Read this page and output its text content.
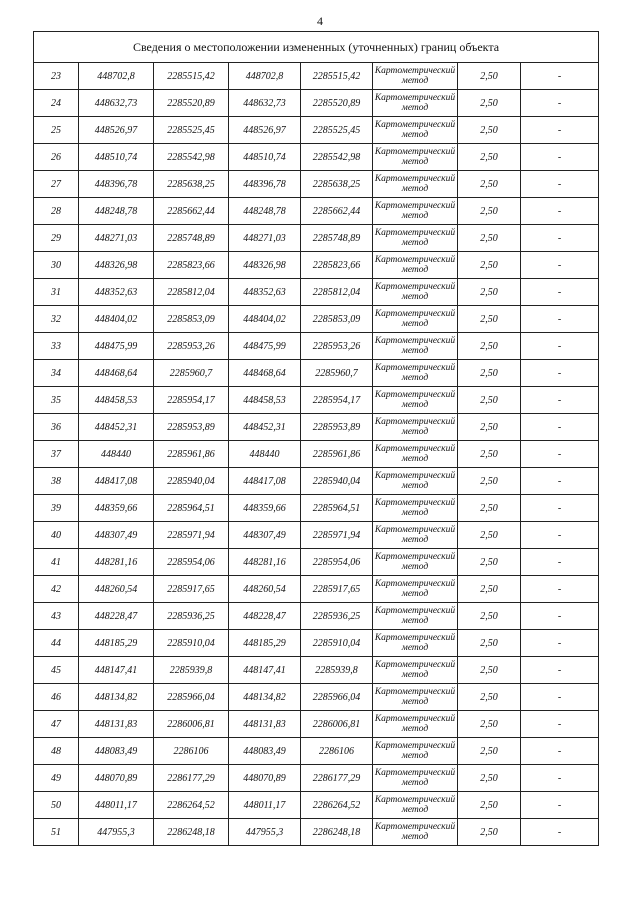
4
Сведения о местоположении измененных (уточненных) границ объекта							
23	448702,8	2285515,42	448702,8	2285515,42	Картометрический метод	2,50	-
24	448632,73	2285520,89	448632,73	2285520,89	Картометрический метод	2,50	-
25	448526,97	2285525,45	448526,97	2285525,45	Картометрический метод	2,50	-
26	448510,74	2285542,98	448510,74	2285542,98	Картометрический метод	2,50	-
27	448396,78	2285638,25	448396,78	2285638,25	Картометрический метод	2,50	-
28	448248,78	2285662,44	448248,78	2285662,44	Картометрический метод	2,50	-
29	448271,03	2285748,89	448271,03	2285748,89	Картометрический метод	2,50	-
30	448326,98	2285823,66	448326,98	2285823,66	Картометрический метод	2,50	-
31	448352,63	2285812,04	448352,63	2285812,04	Картометрический метод	2,50	-
32	448404,02	2285853,09	448404,02	2285853,09	Картометрический метод	2,50	-
33	448475,99	2285953,26	448475,99	2285953,26	Картометрический метод	2,50	-
34	448468,64	2285960,7	448468,64	2285960,7	Картометрический метод	2,50	-
35	448458,53	2285954,17	448458,53	2285954,17	Картометрический метод	2,50	-
36	448452,31	2285953,89	448452,31	2285953,89	Картометрический метод	2,50	-
37	448440	2285961,86	448440	2285961,86	Картометрический метод	2,50	-
38	448417,08	2285940,04	448417,08	2285940,04	Картометрический метод	2,50	-
39	448359,66	2285964,51	448359,66	2285964,51	Картометрический метод	2,50	-
40	448307,49	2285971,94	448307,49	2285971,94	Картометрический метод	2,50	-
41	448281,16	2285954,06	448281,16	2285954,06	Картометрический метод	2,50	-
42	448260,54	2285917,65	448260,54	2285917,65	Картометрический метод	2,50	-
43	448228,47	2285936,25	448228,47	2285936,25	Картометрический метод	2,50	-
44	448185,29	2285910,04	448185,29	2285910,04	Картометрический метод	2,50	-
45	448147,41	2285939,8	448147,41	2285939,8	Картометрический метод	2,50	-
46	448134,82	2285966,04	448134,82	2285966,04	Картометрический метод	2,50	-
47	448131,83	2286006,81	448131,83	2286006,81	Картометрический метод	2,50	-
48	448083,49	2286106	448083,49	2286106	Картометрический метод	2,50	-
49	448070,89	2286177,29	448070,89	2286177,29	Картометрический метод	2,50	-
50	448011,17	2286264,52	448011,17	2286264,52	Картометрический метод	2,50	-
51	447955,3	2286248,18	447955,3	2286248,18	Картометрический метод	2,50	-
